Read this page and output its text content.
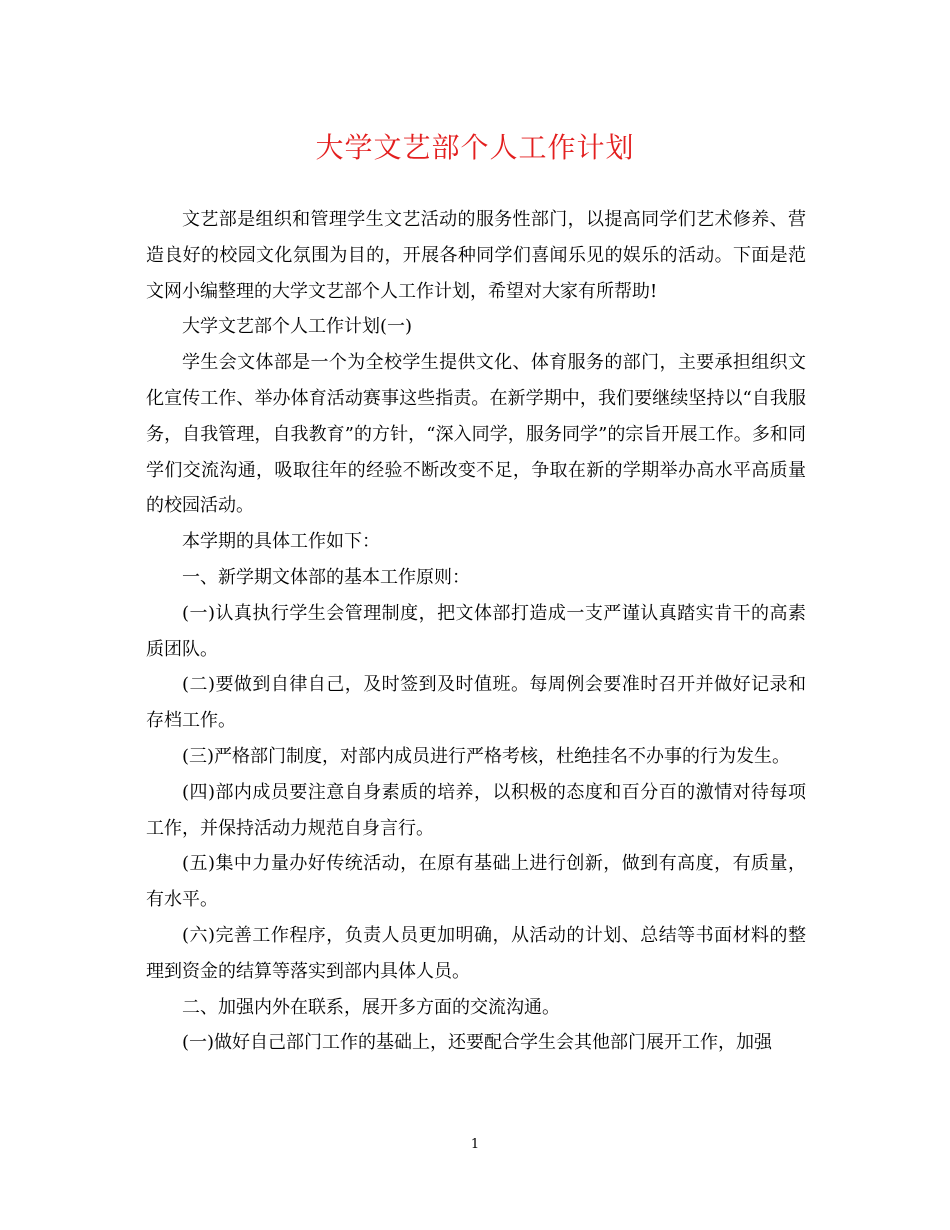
大学文艺部个人工作计划

文艺部是组织和管理学生文艺活动的服务性部门，以提高同学们艺术修养、营造良好的校园文化氛围为目的，开展各种同学们喜闻乐见的娱乐的活动。下面是范文网小编整理的大学文艺部个人工作计划，希望对大家有所帮助!

大学文艺部个人工作计划(一)

学生会文体部是一个为全校学生提供文化、体育服务的部门，主要承担组织文化宣传工作、举办体育活动赛事这些指责。在新学期中，我们要继续坚持以“自我服务，自我管理，自我教育”的方针，“深入同学，服务同学”的宗旨开展工作。多和同学们交流沟通，吸取往年的经验不断改变不足，争取在新的学期举办高水平高质量的校园活动。

本学期的具体工作如下：

一、新学期文体部的基本工作原则：

(一)认真执行学生会管理制度，把文体部打造成一支严谨认真踏实肯干的高素质团队。

(二)要做到自律自己，及时签到及时值班。每周例会要准时召开并做好记录和存档工作。

(三)严格部门制度，对部内成员进行严格考核，杜绝挂名不办事的行为发生。

(四)部内成员要注意自身素质的培养，以积极的态度和百分百的激情对待每项工作，并保持活动力规范自身言行。

(五)集中力量办好传统活动，在原有基础上进行创新，做到有高度，有质量，有水平。

(六)完善工作程序，负责人员更加明确，从活动的计划、总结等书面材料的整理到资金的结算等落实到部内具体人员。

二、加强内外在联系，展开多方面的交流沟通。

(一)做好自己部门工作的基础上，还要配合学生会其他部门展开工作，加强

1
